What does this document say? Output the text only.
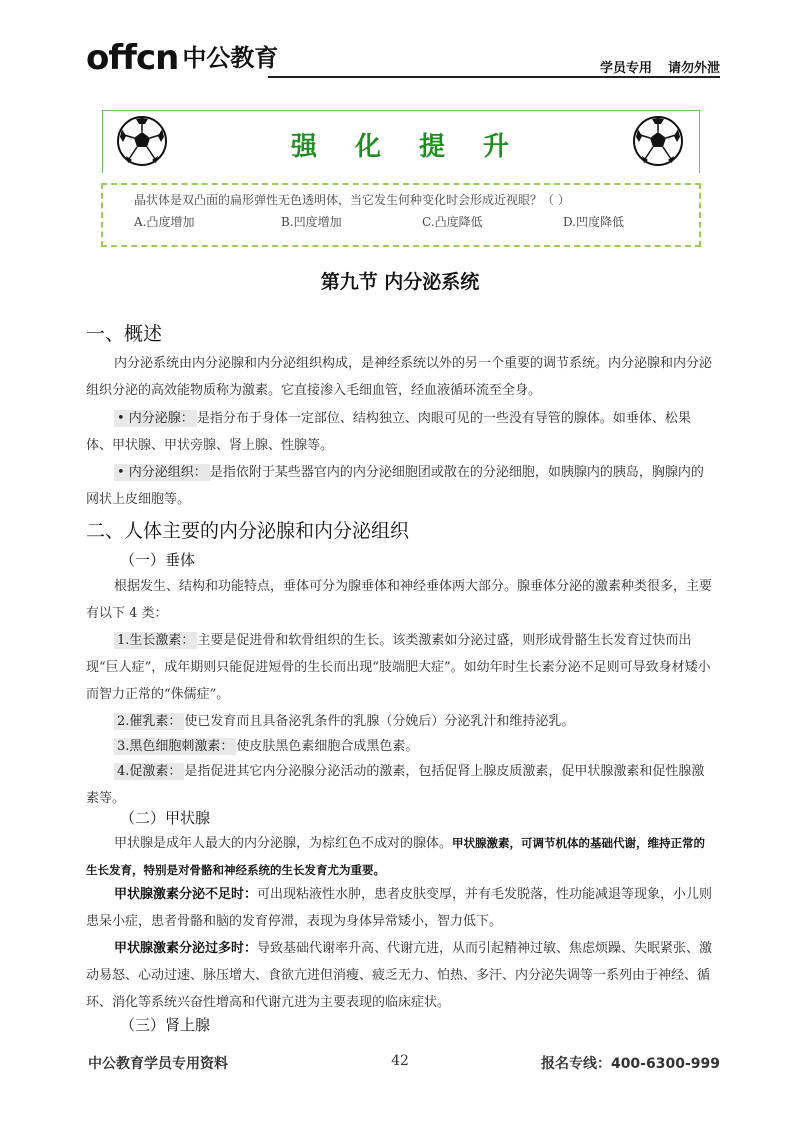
offcn 中公教育	学员专用 请勿外泄
强化提升
晶状体是双凸面的扁形弹性无色透明体，当它发生何种变化时会形成近视眼？（ ）
A.凸度增加	B.凹度增加	C.凸度降低	D.凹度降低
第九节 内分泌系统
一、概述
内分泌系统由内分泌腺和内分泌组织构成，是神经系统以外的另一个重要的调节系统。内分泌腺和内分泌组织分泌的高效能物质称为激素。它直接渗入毛细血管，经血液循环流至全身。
• 内分泌腺： 是指分布于身体一定部位、结构独立、肉眼可见的一些没有导管的腺体。如垂体、松果体、甲状腺、甲状旁腺、肾上腺、性腺等。
• 内分泌组织： 是指依附于某些器官内的内分泌细胞团或散在的分泌细胞，如胰腺内的胰岛，胸腺内的网状上皮细胞等。
二、人体主要的内分泌腺和内分泌组织
（一）垂体
根据发生、结构和功能特点，垂体可分为腺垂体和神经垂体两大部分。腺垂体分泌的激素种类很多，主要有以下 4 类：
1.生长激素： 主要是促进骨和软骨组织的生长。该类激素如分泌过盛，则形成骨骼生长发育过快而出现“巨人症”，成年期则只能促进短骨的生长而出现“肢端肥大症”。如幼年时生长素分泌不足则可导致身材矮小而智力正常的“侏儒症”。
2.催乳素： 使已发育而且具备泌乳条件的乳腺（分娩后）分泌乳汁和维持泌乳。
3.黑色细胞刺激素： 使皮肤黑色素细胞合成黑色素。
4.促激素： 是指促进其它内分泌腺分泌活动的激素，包括促肾上腺皮质激素，促甲状腺激素和促性腺激素等。
（二）甲状腺
甲状腺是成年人最大的内分泌腺，为棕红色不成对的腺体。甲状腺激素，可调节机体的基础代谢，维持正常的生长发育，特别是对骨骼和神经系统的生长发育尤为重要。
甲状腺激素分泌不足时：可出现粘液性水肿，患者皮肤变厚，并有毛发脱落，性功能减退等现象，小儿则患呆小症，患者骨骼和脑的发育停滞，表现为身体异常矮小，智力低下。
甲状腺激素分泌过多时：导致基础代谢率升高、代谢亢进，从而引起精神过敏、焦虑烦躁、失眠紧张、激动易怒、心动过速、脉压增大、食欲亢进但消瘦、疲乏无力、怕热、多汗、内分泌失调等一系列由于神经、循环、消化等系统兴奋性增高和代谢亢进为主要表现的临床症状。
（三）肾上腺
中公教育学员专用资料	42	报名专线：400-6300-999
